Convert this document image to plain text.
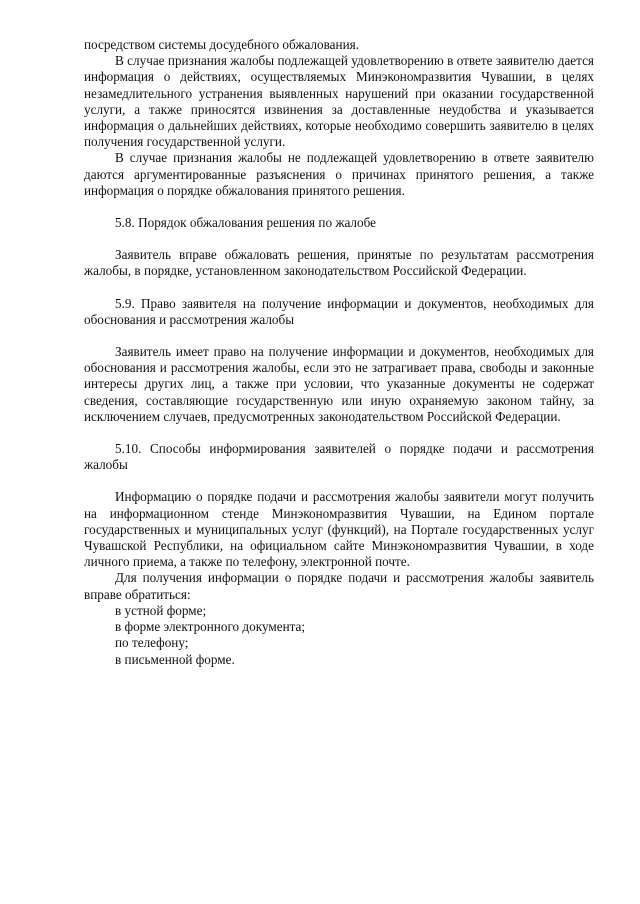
посредством системы досудебного обжалования.

В случае признания жалобы подлежащей удовлетворению в ответе заявителю дается информация о действиях, осуществляемых Минэкономразвития Чувашии, в целях незамедлительного устранения выявленных нарушений при оказании государственной услуги, а также приносятся извинения за доставленные неудобства и указывается информация о дальнейших действиях, которые необходимо совершить заявителю в целях получения государственной услуги.

В случае признания жалобы не подлежащей удовлетворению в ответе заявителю даются аргументированные разъяснения о причинах принятого решения, а также информация о порядке обжалования принятого решения.

5.8. Порядок обжалования решения по жалобе

Заявитель вправе обжаловать решения, принятые по результатам рассмотрения жалобы, в порядке, установленном законодательством Российской Федерации.

5.9. Право заявителя на получение информации и документов, необходимых для обоснования и рассмотрения жалобы

Заявитель имеет право на получение информации и документов, необходимых для обоснования и рассмотрения жалобы, если это не затрагивает права, свободы и законные интересы других лиц, а также при условии, что указанные документы не содержат сведения, составляющие государственную или иную охраняемую законом тайну, за исключением случаев, предусмотренных законодательством Российской Федерации.

5.10. Способы информирования заявителей о порядке подачи и рассмотрения жалобы

Информацию о порядке подачи и рассмотрения жалобы заявители могут получить на информационном стенде Минэкономразвития Чувашии, на Едином портале государственных и муниципальных услуг (функций), на Портале государственных услуг Чувашской Республики, на официальном сайте Минэкономразвития Чувашии, в ходе личного приема, а также по телефону, электронной почте.

Для получения информации о порядке подачи и рассмотрения жалобы заявитель вправе обратиться:

в устной форме;

в форме электронного документа;

по телефону;

в письменной форме.
